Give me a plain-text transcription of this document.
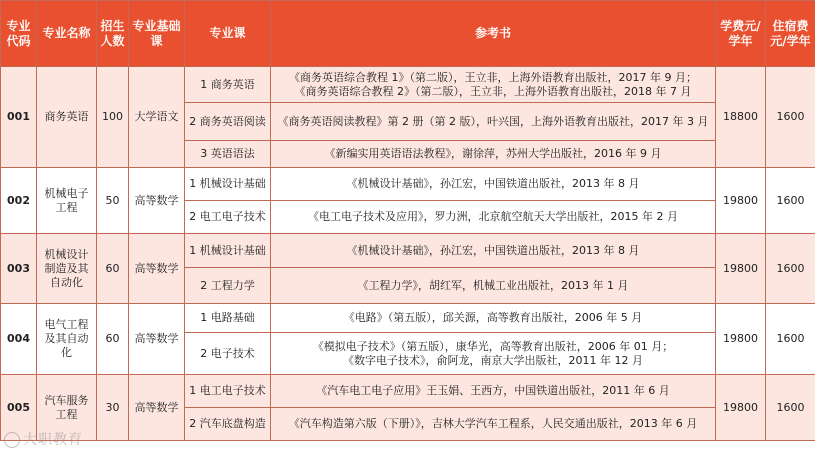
专业代码	专业名称	招生人数	专业基础课	专业课	参考书	学费元/学年	住宿费元/学年
001	商务英语	100	大学语文	1 商务英语	《商务英语综合教程 1》（第二版），王立非，上海外语教育出版社，2017 年 9 月；
《商务英语综合教程 2》（第二版），王立非，上海外语教育出版社，2018 年 7 月	18800	1600
				2 商务英语阅读	《商务英语阅读教程》第 2 册（第 2 版），叶兴国，上海外语教育出版社，2017 年 3 月		

				3 英语语法	《新编实用英语语法教程》，谢徐萍，苏州大学出版社，2016 年 9 月		

002	机械电子工程	50	高等数学	1 机械设计基础	《机械设计基础》，孙江宏，中国铁道出版社，2013 年 8 月	19800	1600
				2 电工电子技术	《电工电子技术及应用》，罗力洲，北京航空航天大学出版社，2015 年 2 月		

003	机械设计制造及其自动化	60	高等数学	1 机械设计基础	《机械设计基础》，孙江宏，中国铁道出版社，2013 年 8 月	19800	1600
				2 工程力学	《工程力学》，胡红军，机械工业出版社，2013 年 1 月		

004	电气工程及其自动化	60	高等数学	1 电路基础	《电路》（第五版），邱关源，高等教育出版社，2006 年 5 月	19800	1600
				2 电子技术	《模拟电子技术》（第五版），康华光，高等教育出版社，2006 年 01 月；
《数字电子技术》，俞阿龙，南京大学出版社，2011 年 12 月		

005	汽车服务工程	30	高等数学	1 电工电子技术	《汽车电工电子应用》王玉娟、王西方，中国铁道出版社，2011 年 6 月	19800	1600
				2 汽车底盘构造	《汽车构造第六版（下册）》，吉林大学汽车工程系，人民交通出版社，2013 年 6 月		
大职教育
